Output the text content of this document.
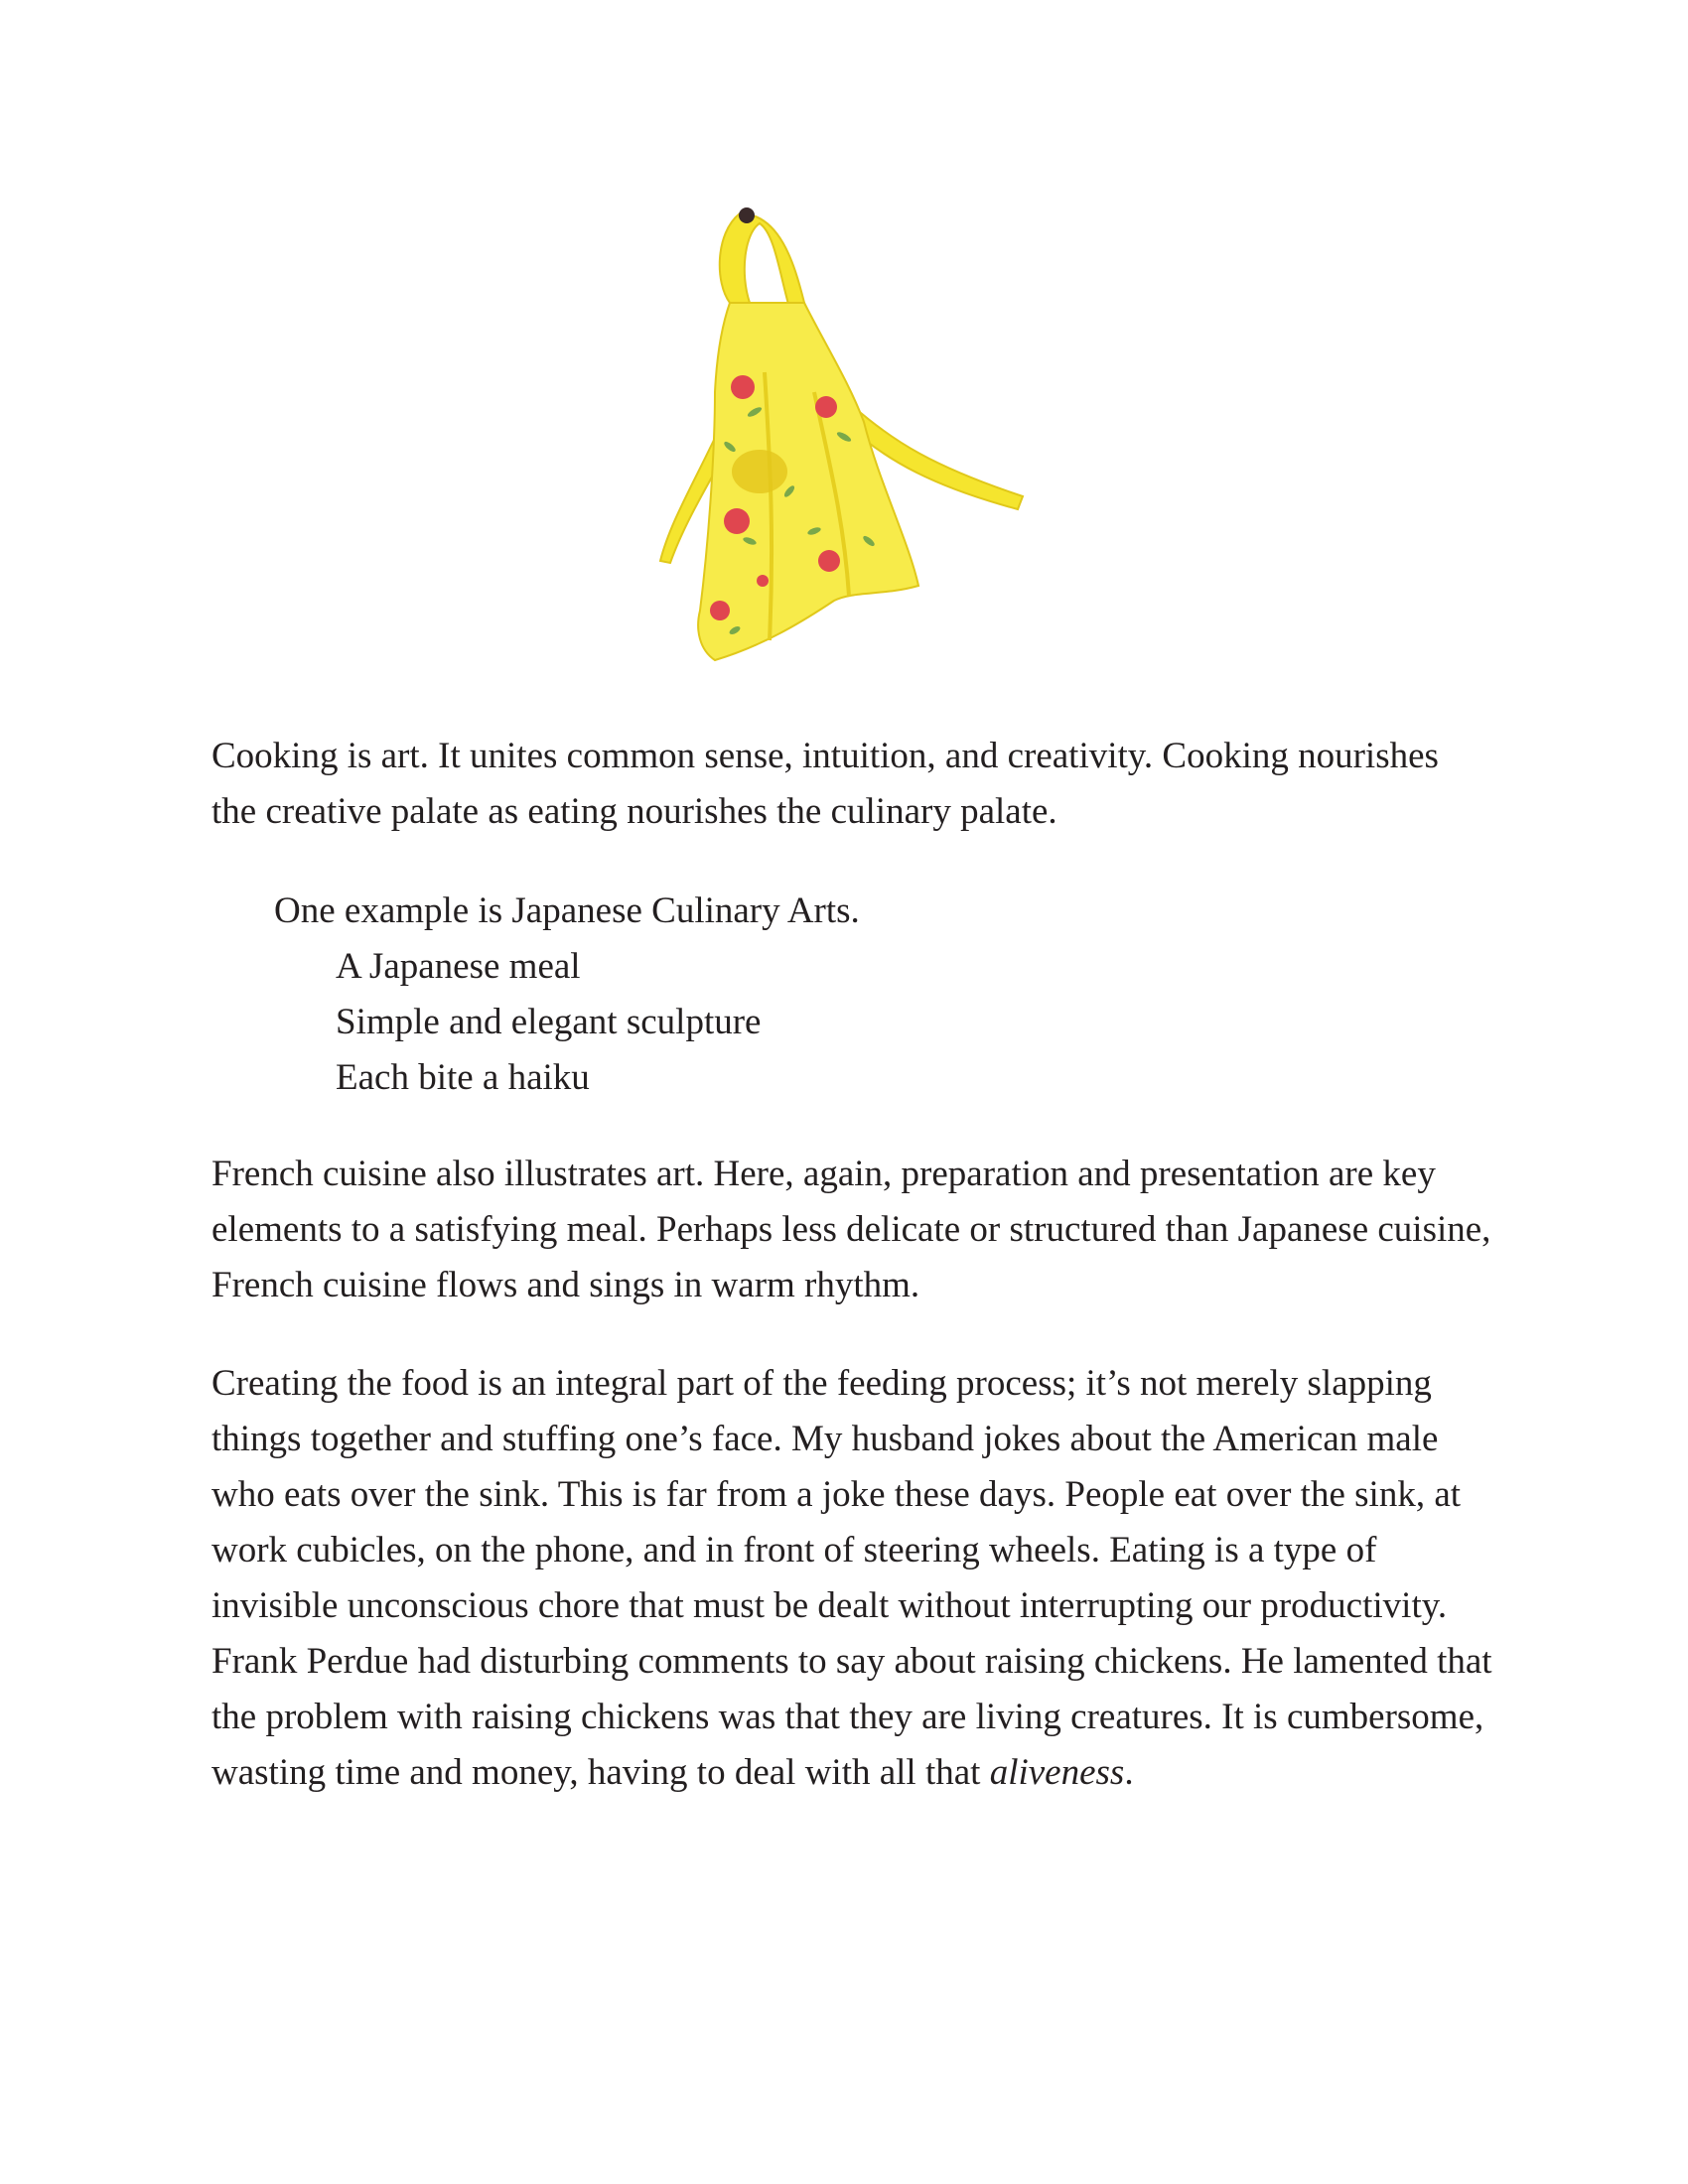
Cooking is art. It unites common sense, intuition, and creativity. Cooking nourishes the creative palate as eating nourishes the culinary palate.

One example is Japanese Culinary Arts.

A Japanese meal
Simple and elegant sculpture
Each bite a haiku

French cuisine also illustrates art. Here, again, preparation and presentation are key elements to a satisfying meal. Perhaps less delicate or structured than Japanese cuisine, French cuisine flows and sings in warm rhythm.

Creating the food is an integral part of the feeding process; it’s not merely slapping things together and stuffing one’s face. My husband jokes about the American male who eats over the sink. This is far from a joke these days. People eat over the sink, at work cubicles, on the phone, and in front of steering wheels. Eating is a type of invisible unconscious chore that must be dealt without interrupting our productivity. Frank Perdue had disturbing comments to say about raising chickens. He lamented that the problem with raising chickens was that they are living creatures. It is cumbersome, wasting time and money, having to deal with all that aliveness.
